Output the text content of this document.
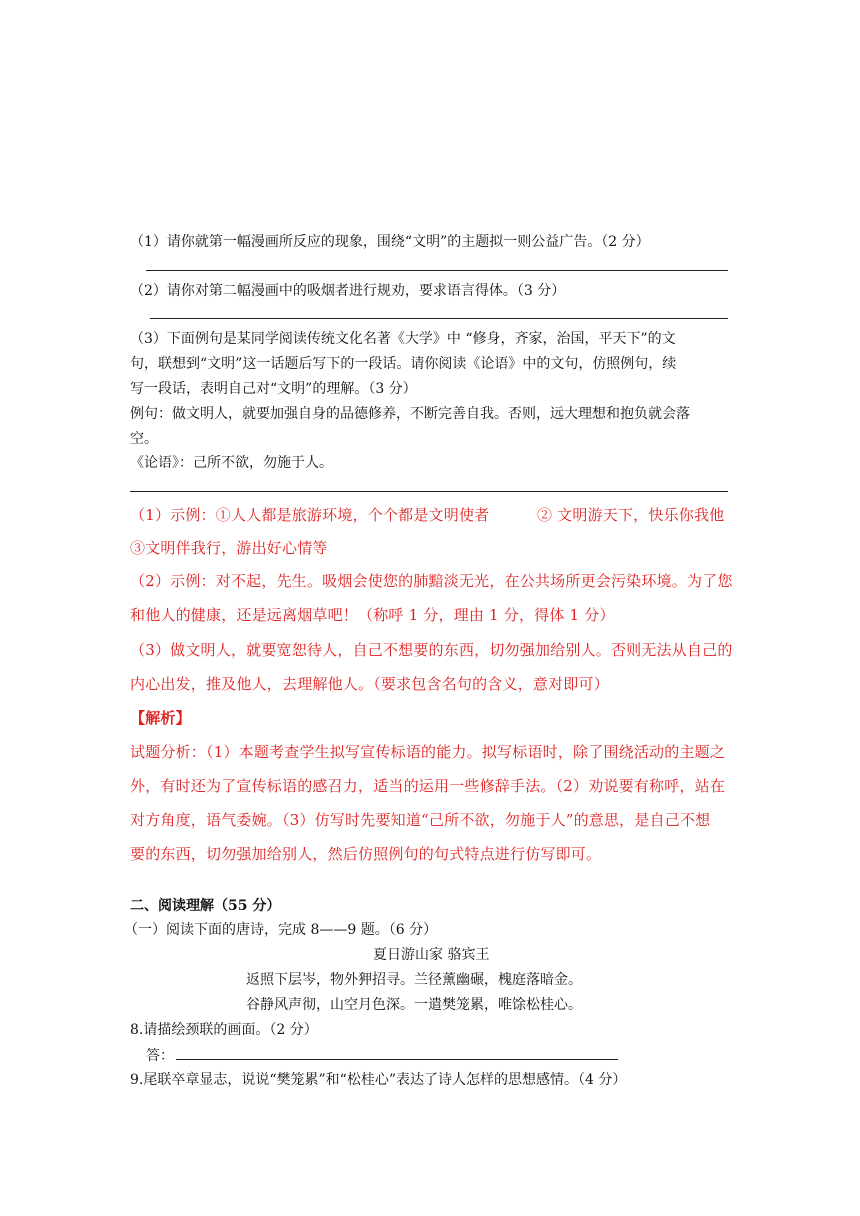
（1）请你就第一幅漫画所反应的现象，围绕“文明”的主题拟一则公益广告。（2 分）
（2）请你对第二幅漫画中的吸烟者进行规劝，要求语言得体。（3 分）
（3）下面例句是某同学阅读传统文化名著《大学》中 “修身，齐家，治国，平天下”的文
句，联想到“文明”这一话题后写下的一段话。请你阅读《论语》中的文句，仿照例句，续
写一段话，表明自己对“文明”的理解。（3 分）
例句：做文明人，就要加强自身的品德修养，不断完善自我。否则，远大理想和抱负就会落
空。
《论语》：己所不欲，勿施于人。
（1）示例：①人人都是旅游环境，个个都是文明使者	② 文明游天下，快乐你我他
③文明伴我行，游出好心情等
（2）示例：对不起，先生。吸烟会使您的肺黯淡无光，在公共场所更会污染环境。为了您
和他人的健康，还是远离烟草吧！（称呼 1 分，理由 1 分，得体 1 分）
（3）做文明人，就要宽恕待人，自己不想要的东西，切勿强加给别人。否则无法从自己的
内心出发，推及他人，去理解他人。（要求包含名句的含义，意对即可）
【解析】
试题分析：（1）本题考查学生拟写宣传标语的能力。拟写标语时，除了围绕活动的主题之
外，有时还为了宣传标语的感召力，适当的运用一些修辞手法。（2）劝说要有称呼，站在
对方角度，语气委婉。（3）仿写时先要知道“己所不欲，勿施于人”的意思，是自己不想
要的东西，切勿强加给别人，然后仿照例句的句式特点进行仿写即可。
二、阅读理解（55 分）
（一）阅读下面的唐诗，完成 8——9 题。（6 分）
夏日游山家 骆宾王
返照下层岑，物外狎招寻。兰径薰幽碾，槐庭落暗金。
谷静风声彻，山空月色深。一遣樊笼累，唯馀松桂心。
8.请描绘颈联的画面。（2 分）
答：
9.尾联卒章显志，说说“樊笼累”和“松桂心”表达了诗人怎样的思想感情。（4 分）
